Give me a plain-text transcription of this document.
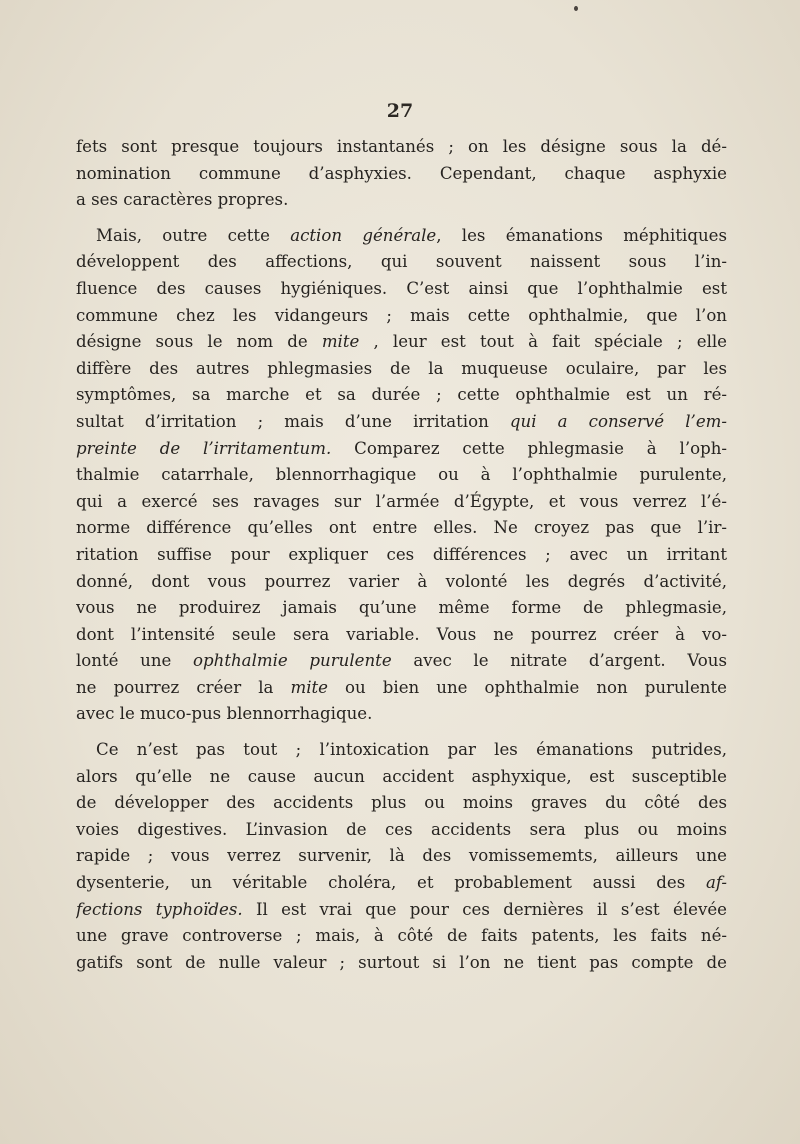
27
fets sont presque toujours instantanés ; on les désigne sous la dé-
nomination commune d’asphyxies. Cependant, chaque asphyxie
a ses caractères propres.
Mais, outre cette action générale, les émanations méphitiques
développent des affections, qui souvent naissent sous l’in-
fluence des causes hygiéniques. C’est ainsi que l’ophthalmie est
commune chez les vidangeurs ; mais cette ophthalmie, que l’on
désigne sous le nom de mite , leur est tout à fait spéciale ; elle
diffère des autres phlegmasies de la muqueuse oculaire, par les
symptômes, sa marche et sa durée ; cette ophthalmie est un ré-
sultat d’irritation ; mais d’une irritation qui a conservé l’em-
preinte de l’irritamentum. Comparez cette phlegmasie à l’oph-
thalmie catarrhale, blennorrhagique ou à l’ophthalmie purulente,
qui a exercé ses ravages sur l’armée d’Égypte, et vous verrez l’é-
norme différence qu’elles ont entre elles. Ne croyez pas que l’ir-
ritation suffise pour expliquer ces différences ; avec un irritant
donné, dont vous pourrez varier à volonté les degrés d’activité,
vous ne produirez jamais qu’une même forme de phlegmasie,
dont l’intensité seule sera variable. Vous ne pourrez créer à vo-
lonté une ophthalmie purulente avec le nitrate d’argent. Vous
ne pourrez créer la mite ou bien une ophthalmie non purulente
avec le muco-pus blennorrhagique.
Ce n’est pas tout ; l’intoxication par les émanations putrides,
alors qu’elle ne cause aucun accident asphyxique, est susceptible
de développer des accidents plus ou moins graves du côté des
voies digestives. L’invasion de ces accidents sera plus ou moins
rapide ; vous verrez survenir, là des vomissememts, ailleurs une
dysenterie, un véritable choléra, et probablement aussi des af-
fections typhoïdes. Il est vrai que pour ces dernières il s’est élevée
une grave controverse ; mais, à côté de faits patents, les faits né-
gatifs sont de nulle valeur ; surtout si l’on ne tient pas compte de
